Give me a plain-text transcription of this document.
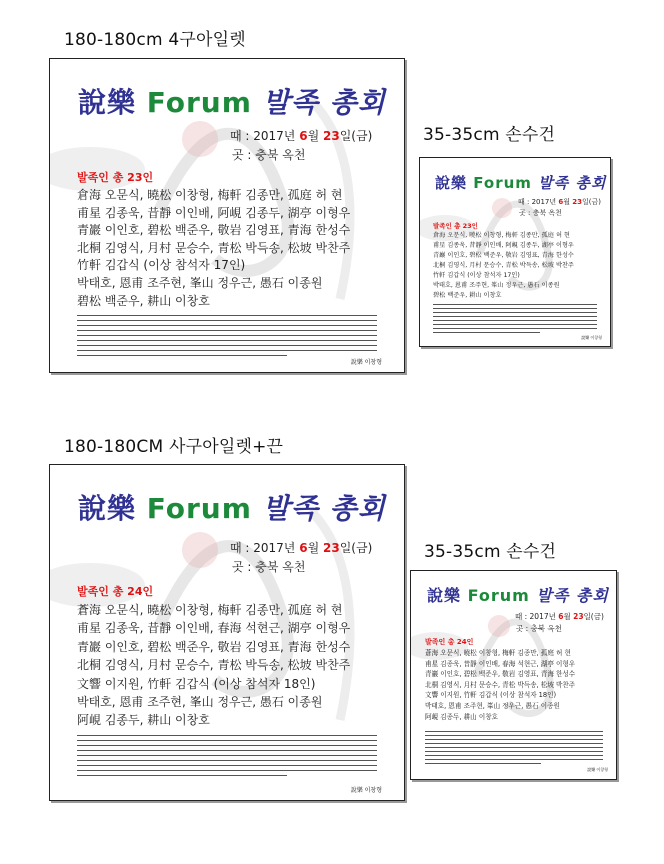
180-180cm 4구아일렛
35-35cm 손수건
說樂 Forum 발족 총회
때 : 2017년 6월 23일(금)
곳 : 충북 옥천
발족인 총 23인
倉海 오문식, 曉松 이창형, 梅軒 김종만, 孤庭 허 현
甫星 김종욱, 昔靜 이인배, 阿峴 김종두, 湖亭 이형우
青巖 이인호, 碧松 백준우, 敬岩 김영표, 青海 한성수
北桐 김영식, 月村 문승수, 青松 박득송, 松坡 박찬주
竹軒 김갑식 (이상 참석자 17인)
박태호, 恩甫 조주현, 峯山 정우근, 愚石 이종원
碧松 백준우, 耕山 이창호
說樂 이창형
說樂 Forum 발족 총회
때 : 2017년 6월 23일(금)
곳 : 충북 옥천
발족인 총 23인
倉海 오문식, 曉松 이창형, 梅軒 김종만, 孤庭 허 현
甫星 김종욱, 昔靜 이인배, 阿峴 김종두, 湖亭 이형우
青巖 이인호, 碧松 백준우, 敬岩 김영표, 青海 한성수
北桐 김영식, 月村 문승수, 青松 박득송, 松坡 박찬주
竹軒 김갑식 (이상 참석자 17인)
박태호, 恩甫 조주현, 峯山 정우근, 愚石 이종원
碧松 백준우, 耕山 이창호
說樂 이창형
180-180CM 사구아일렛+끈
35-35cm 손수건
說樂 Forum 발족 총회
때 : 2017년 6월 23일(금)
곳 : 충북 옥천
발족인 총 24인
蒼海 오문식, 曉松 이창형, 梅軒 김종만, 孤庭 허 현
甫星 김종욱, 昔靜 이인배, 春海 석현근, 湖亭 이형우
青巖 이인호, 碧松 백준우, 敬岩 김영표, 青海 한성수
北桐 김영식, 月村 문승수, 青松 박득송, 松坡 박찬주
文響 이지원, 竹軒 김갑식 (이상 참석자 18인)
박태호, 恩甫 조주현, 峯山 정우근, 愚石 이종원
阿峴 김종두, 耕山 이창호
說樂 이창형
說樂 Forum 발족 총회
때 : 2017년 6월 23일(금)
곳 : 충북 옥천
발족인 총 24인
蒼海 오문식, 曉松 이창형, 梅軒 김종만, 孤庭 허 현
甫星 김종욱, 昔靜 이인배, 春海 석현근, 湖亭 이형우
青巖 이인호, 碧松 백준우, 敬岩 김영표, 青海 한성수
北桐 김영식, 月村 문승수, 青松 박득송, 松坡 박찬주
文響 이지원, 竹軒 김갑식 (이상 참석자 18인)
박태호, 恩甫 조주현, 峯山 정우근, 愚石 이종원
阿峴 김종두, 耕山 이창호
說樂 이창형
